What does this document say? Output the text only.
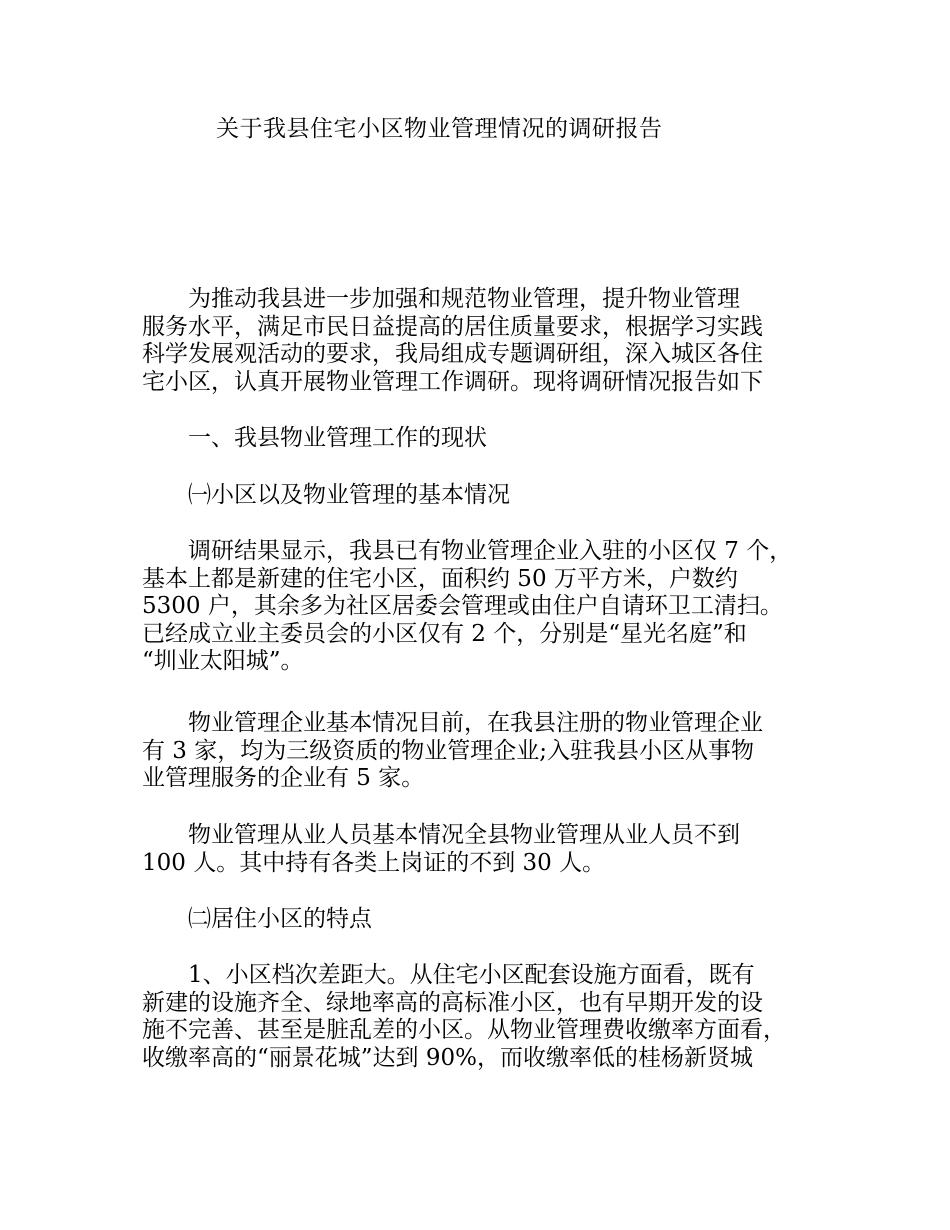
关于我县住宅小区物业管理情况的调研报告

　　为推动我县进一步加强和规范物业管理，提升物业管理
服务水平，满足市民日益提高的居住质量要求，根据学习实践
科学发展观活动的要求，我局组成专题调研组，深入城区各住
宅小区，认真开展物业管理工作调研。现将调研情况报告如下

　　一、我县物业管理工作的现状

　　㈠小区以及物业管理的基本情况

　　调研结果显示，我县已有物业管理企业入驻的小区仅 7 个，
基本上都是新建的住宅小区，面积约 50 万平方米，户数约
5300 户，其余多为社区居委会管理或由住户自请环卫工清扫。
已经成立业主委员会的小区仅有 2 个，分别是“星光名庭”和
“圳业太阳城”。

　　物业管理企业基本情况目前，在我县注册的物业管理企业
有 3 家，均为三级资质的物业管理企业;入驻我县小区从事物
业管理服务的企业有 5 家。

　　物业管理从业人员基本情况全县物业管理从业人员不到
100 人。其中持有各类上岗证的不到 30 人。

　　㈡居住小区的特点

　　1、小区档次差距大。从住宅小区配套设施方面看，既有
新建的设施齐全、绿地率高的高标准小区，也有早期开发的设
施不完善、甚至是脏乱差的小区。从物业管理费收缴率方面看，
收缴率高的“丽景花城”达到 90%，而收缴率低的桂杨新贤城
